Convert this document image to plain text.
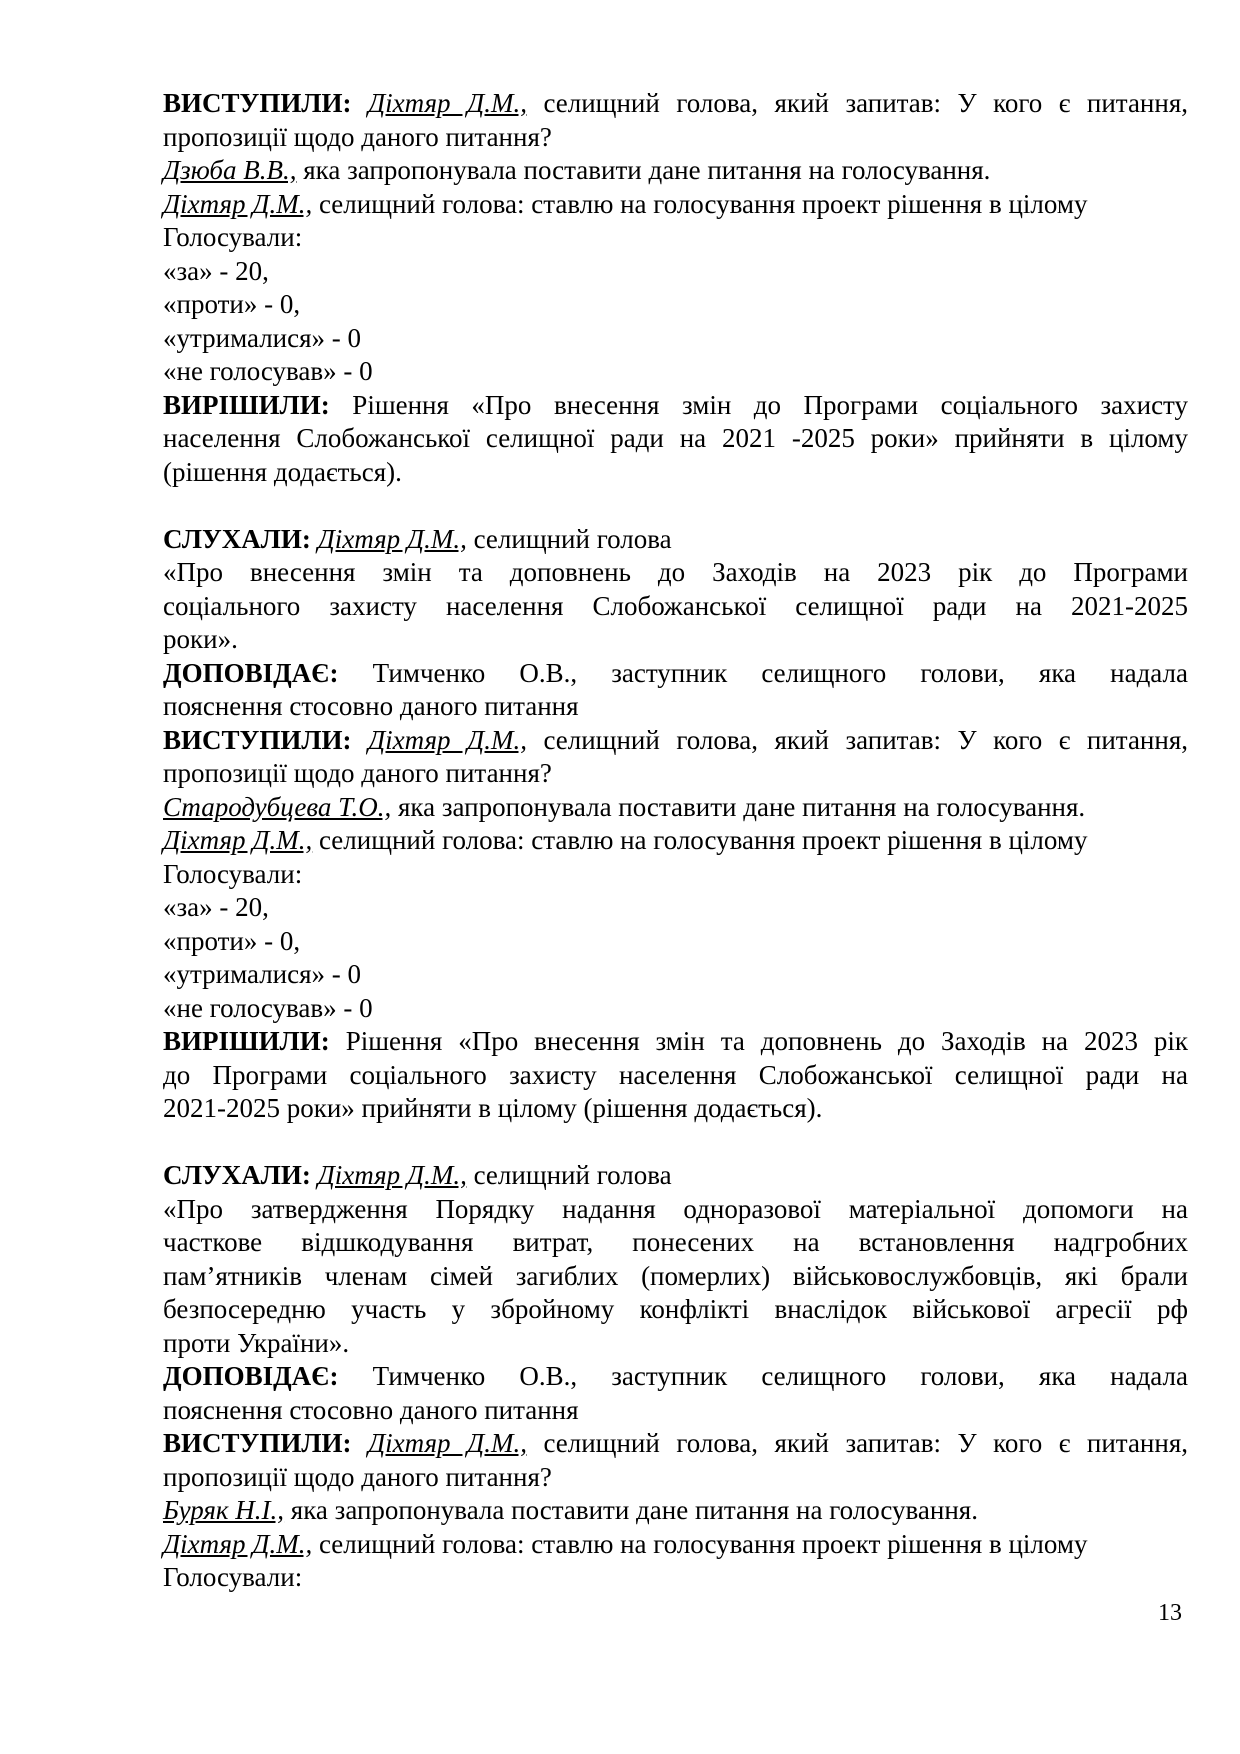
ВИСТУПИЛИ: Діхтяр Д.М., селищний голова, який запитав: У кого є питання,
пропозиції щодо даного питання?
Дзюба В.В., яка запропонувала поставити дане питання на голосування.
Діхтяр Д.М., селищний голова: ставлю на голосування проект рішення в цілому
Голосували:
«за» - 20,
«проти» - 0,
«утрималися» - 0
«не голосував» - 0
ВИРІШИЛИ: Рішення «Про внесення змін до Програми соціального захисту
населення Слобожанської селищної ради на 2021 -2025 роки» прийняти в цілому
(рішення додається).
СЛУХАЛИ: Діхтяр Д.М., селищний голова
«Про внесення змін та доповнень до Заходів на 2023 рік до Програми
соціального захисту населення Слобожанської селищної ради на 2021-2025
роки».
ДОПОВІДАЄ: Тимченко О.В., заступник селищного голови, яка надала
пояснення стосовно даного питання
ВИСТУПИЛИ: Діхтяр Д.М., селищний голова, який запитав: У кого є питання,
пропозиції щодо даного питання?
Стародубцева Т.О., яка запропонувала поставити дане питання на голосування.
Діхтяр Д.М., селищний голова: ставлю на голосування проект рішення в цілому
Голосували:
«за» - 20,
«проти» - 0,
«утрималися» - 0
«не голосував» - 0
ВИРІШИЛИ: Рішення «Про внесення змін та доповнень до Заходів на 2023 рік
до Програми соціального захисту населення Слобожанської селищної ради на
2021-2025 роки» прийняти в цілому (рішення додається).
СЛУХАЛИ: Діхтяр Д.М., селищний голова
«Про затвердження Порядку надання одноразової матеріальної допомоги на
часткове відшкодування витрат, понесених на встановлення надгробних
пам’ятників членам сімей загиблих (померлих) військовослужбовців, які брали
безпосередню участь у збройному конфлікті внаслідок військової агресії рф
проти України».
ДОПОВІДАЄ: Тимченко О.В., заступник селищного голови, яка надала
пояснення стосовно даного питання
ВИСТУПИЛИ: Діхтяр Д.М., селищний голова, який запитав: У кого є питання,
пропозиції щодо даного питання?
Буряк Н.І., яка запропонувала поставити дане питання на голосування.
Діхтяр Д.М., селищний голова: ставлю на голосування проект рішення в цілому
Голосували:
13
